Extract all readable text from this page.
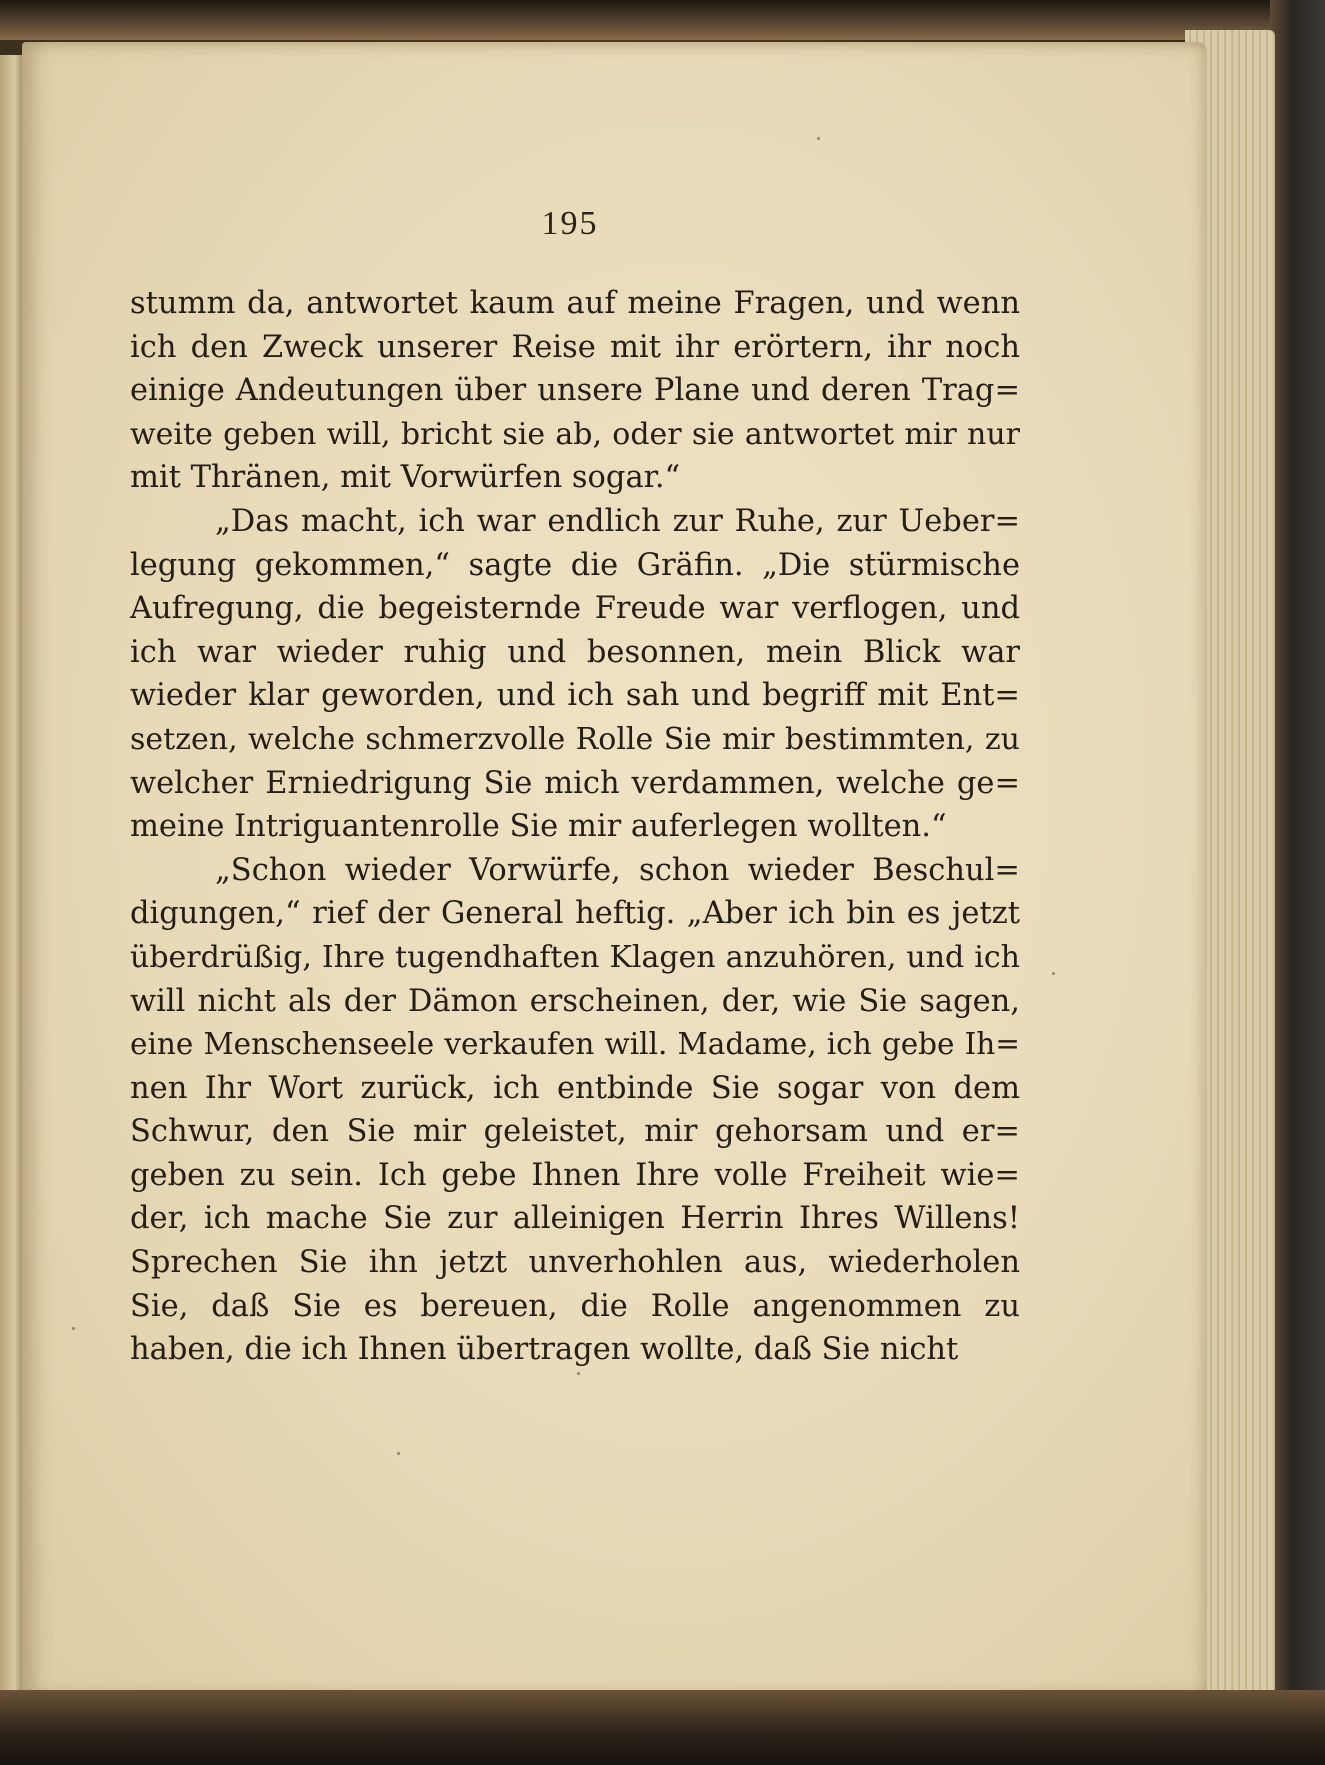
195
stumm da, antwortet kaum auf meine Fragen, und wenn
ich den Zweck unserer Reise mit ihr erörtern, ihr noch
einige Andeutungen über unsere Plane und deren Trag=
weite geben will, bricht sie ab, oder sie antwortet mir nur
mit Thränen, mit Vorwürfen sogar.“
„Das macht, ich war endlich zur Ruhe, zur Ueber=
legung gekommen,“ sagte die Gräfin. „Die stürmische
Aufregung, die begeisternde Freude war verflogen, und
ich war wieder ruhig und besonnen, mein Blick war
wieder klar geworden, und ich sah und begriff mit Ent=
setzen, welche schmerzvolle Rolle Sie mir bestimmten, zu
welcher Erniedrigung Sie mich verdammen, welche ge=
meine Intriguantenrolle Sie mir auferlegen wollten.“
„Schon wieder Vorwürfe, schon wieder Beschul=
digungen,“ rief der General heftig. „Aber ich bin es jetzt
überdrüßig, Ihre tugendhaften Klagen anzuhören, und ich
will nicht als der Dämon erscheinen, der, wie Sie sagen,
eine Menschenseele verkaufen will. Madame, ich gebe Ih=
nen Ihr Wort zurück, ich entbinde Sie sogar von dem
Schwur, den Sie mir geleistet, mir gehorsam und er=
geben zu sein. Ich gebe Ihnen Ihre volle Freiheit wie=
der, ich mache Sie zur alleinigen Herrin Ihres Willens!
Sprechen Sie ihn jetzt unverhohlen aus, wiederholen
Sie, daß Sie es bereuen, die Rolle angenommen zu
haben, die ich Ihnen übertragen wollte, daß Sie nicht
